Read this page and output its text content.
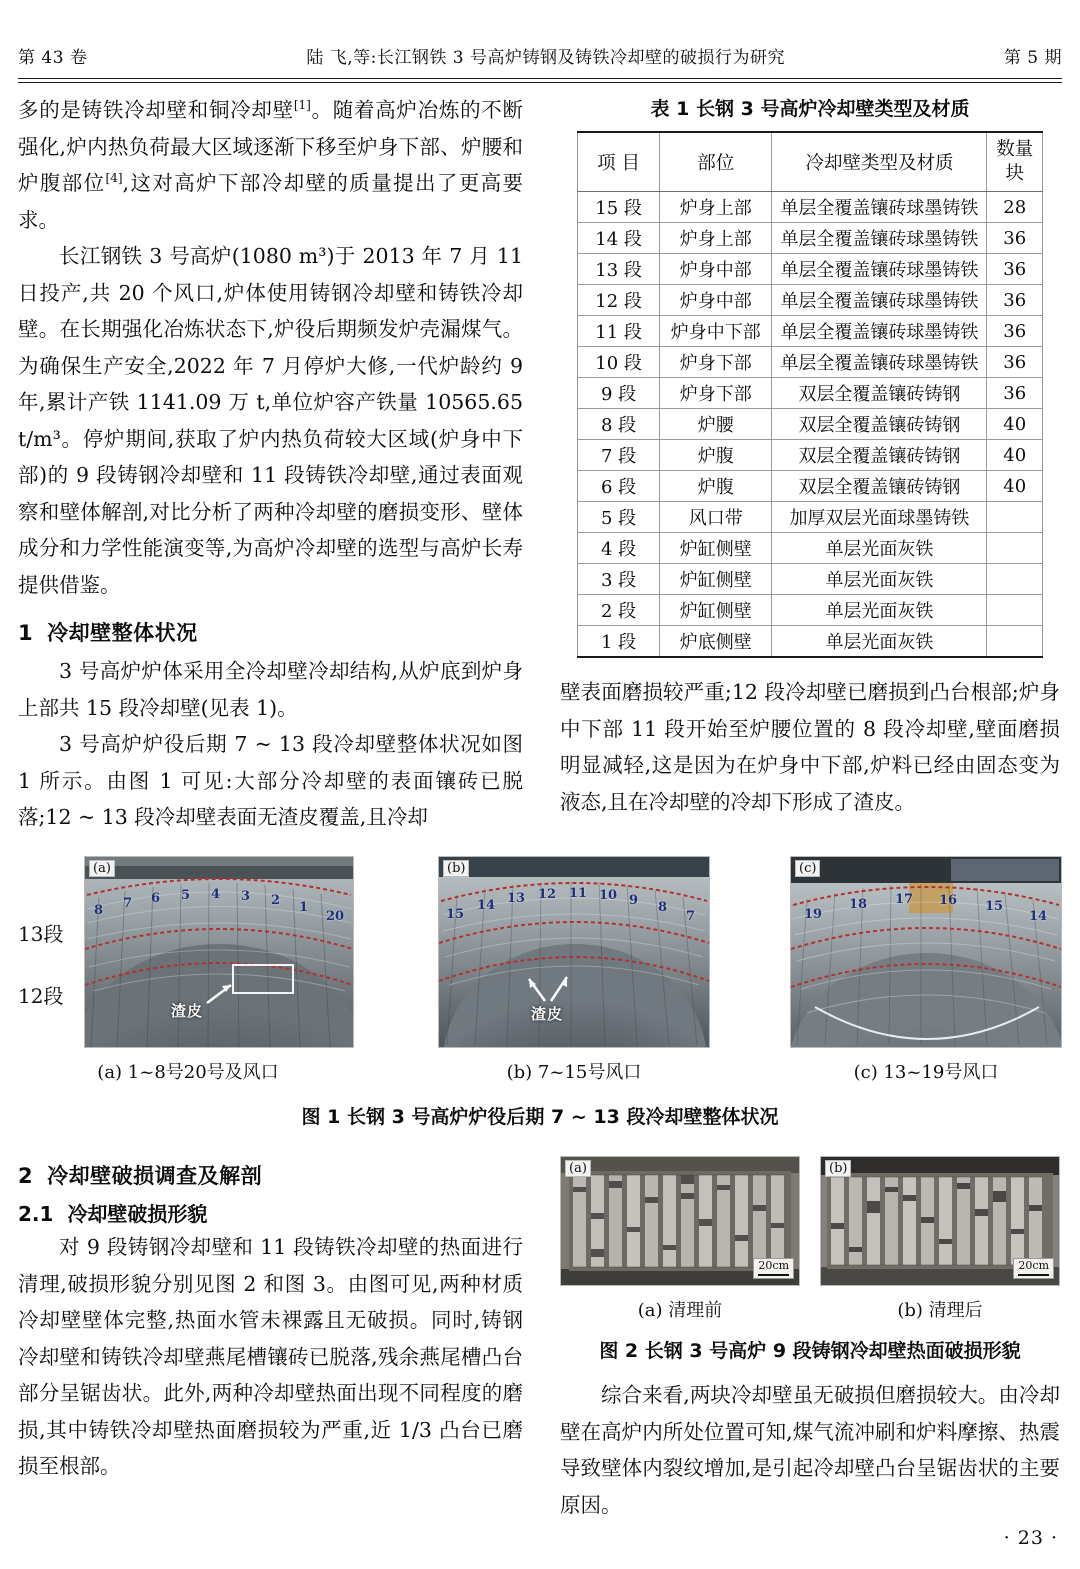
第 43 卷	陆 飞,等:长江钢铁 3 号高炉铸钢及铸铁冷却壁的破损行为研究	第 5 期

多的是铸铁冷却壁和铜冷却壁[1]。随着高炉冶炼的不断强化,炉内热负荷最大区域逐渐下移至炉身下部、炉腰和炉腹部位[4],这对高炉下部冷却壁的质量提出了更高要求。

长江钢铁 3 号高炉(1080 m³)于 2013 年 7 月 11 日投产,共 20 个风口,炉体使用铸钢冷却壁和铸铁冷却壁。在长期强化冶炼状态下,炉役后期频发炉壳漏煤气。为确保生产安全,2022 年 7 月停炉大修,一代炉龄约 9 年,累计产铁 1141.09 万 t,单位炉容产铁量 10565.65 t/m³。停炉期间,获取了炉内热负荷较大区域(炉身中下部)的 9 段铸钢冷却壁和 11 段铸铁冷却壁,通过表面观察和壁体解剖,对比分析了两种冷却壁的磨损变形、壁体成分和力学性能演变等,为高炉冷却壁的选型与高炉长寿提供借鉴。

1 冷却壁整体状况

3 号高炉炉体采用全冷却壁冷却结构,从炉底到炉身上部共 15 段冷却壁(见表 1)。

3 号高炉炉役后期 7 ~ 13 段冷却壁整体状况如图 1 所示。由图 1 可见:大部分冷却壁的表面镶砖已脱落;12 ~ 13 段冷却壁表面无渣皮覆盖,且冷却

表 1 长钢 3 号高炉冷却壁类型及材质
项 目	部位	冷却壁类型及材质	数量
块

15 段	炉身上部	单层全覆盖镶砖球墨铸铁	28
14 段	炉身上部	单层全覆盖镶砖球墨铸铁	36
13 段	炉身中部	单层全覆盖镶砖球墨铸铁	36
12 段	炉身中部	单层全覆盖镶砖球墨铸铁	36
11 段	炉身中下部	单层全覆盖镶砖球墨铸铁	36
10 段	炉身下部	单层全覆盖镶砖球墨铸铁	36
9 段	炉身下部	双层全覆盖镶砖铸钢	36
8 段	炉腰	双层全覆盖镶砖铸钢	40
7 段	炉腹	双层全覆盖镶砖铸钢	40
6 段	炉腹	双层全覆盖镶砖铸钢	40
5 段	风口带	加厚双层光面球墨铸铁	
4 段	炉缸侧壁	单层光面灰铁	
3 段	炉缸侧壁	单层光面灰铁	
2 段	炉缸侧壁	单层光面灰铁	
1 段	炉底侧壁	单层光面灰铁	

壁表面磨损较严重;12 段冷却壁已磨损到凸台根部;炉身中下部 11 段开始至炉腰位置的 8 段冷却壁,壁面磨损明显减轻,这是因为在炉身中下部,炉料已经由固态变为液态,且在冷却壁的冷却下形成了渣皮。

13段
12段
(a)
8 7 6 5 4 3 2 1
20
渣皮
(a) 1~8号20号及风口
(b)
15
14 13 12 11 10 9 8
7
渣皮
(b) 7~15号风口
(c)
19
18 17 16 15
14
(c) 13~19号风口
图 1 长钢 3 号高炉炉役后期 7 ~ 13 段冷却壁整体状况
2 冷却壁破损调查及解剖
2.1 冷却壁破损形貌

对 9 段铸钢冷却壁和 11 段铸铁冷却壁的热面进行清理,破损形貌分别见图 2 和图 3。由图可见,两种材质冷却壁壁体完整,热面水管未裸露且无破损。同时,铸钢冷却壁和铸铁冷却壁燕尾槽镶砖已脱落,残余燕尾槽凸台部分呈锯齿状。此外,两种冷却壁热面出现不同程度的磨损,其中铸铁冷却壁热面磨损较为严重,近 1/3 凸台已磨损至根部。

(a)
20cm
(a) 清理前
(b)
20cm
(b) 清理后
图 2 长钢 3 号高炉 9 段铸钢冷却壁热面破损形貌

综合来看,两块冷却壁虽无破损但磨损较大。由冷却壁在高炉内所处位置可知,煤气流冲刷和炉料摩擦、热震导致壁体内裂纹增加,是引起冷却壁凸台呈锯齿状的主要原因。

· 23 ·
